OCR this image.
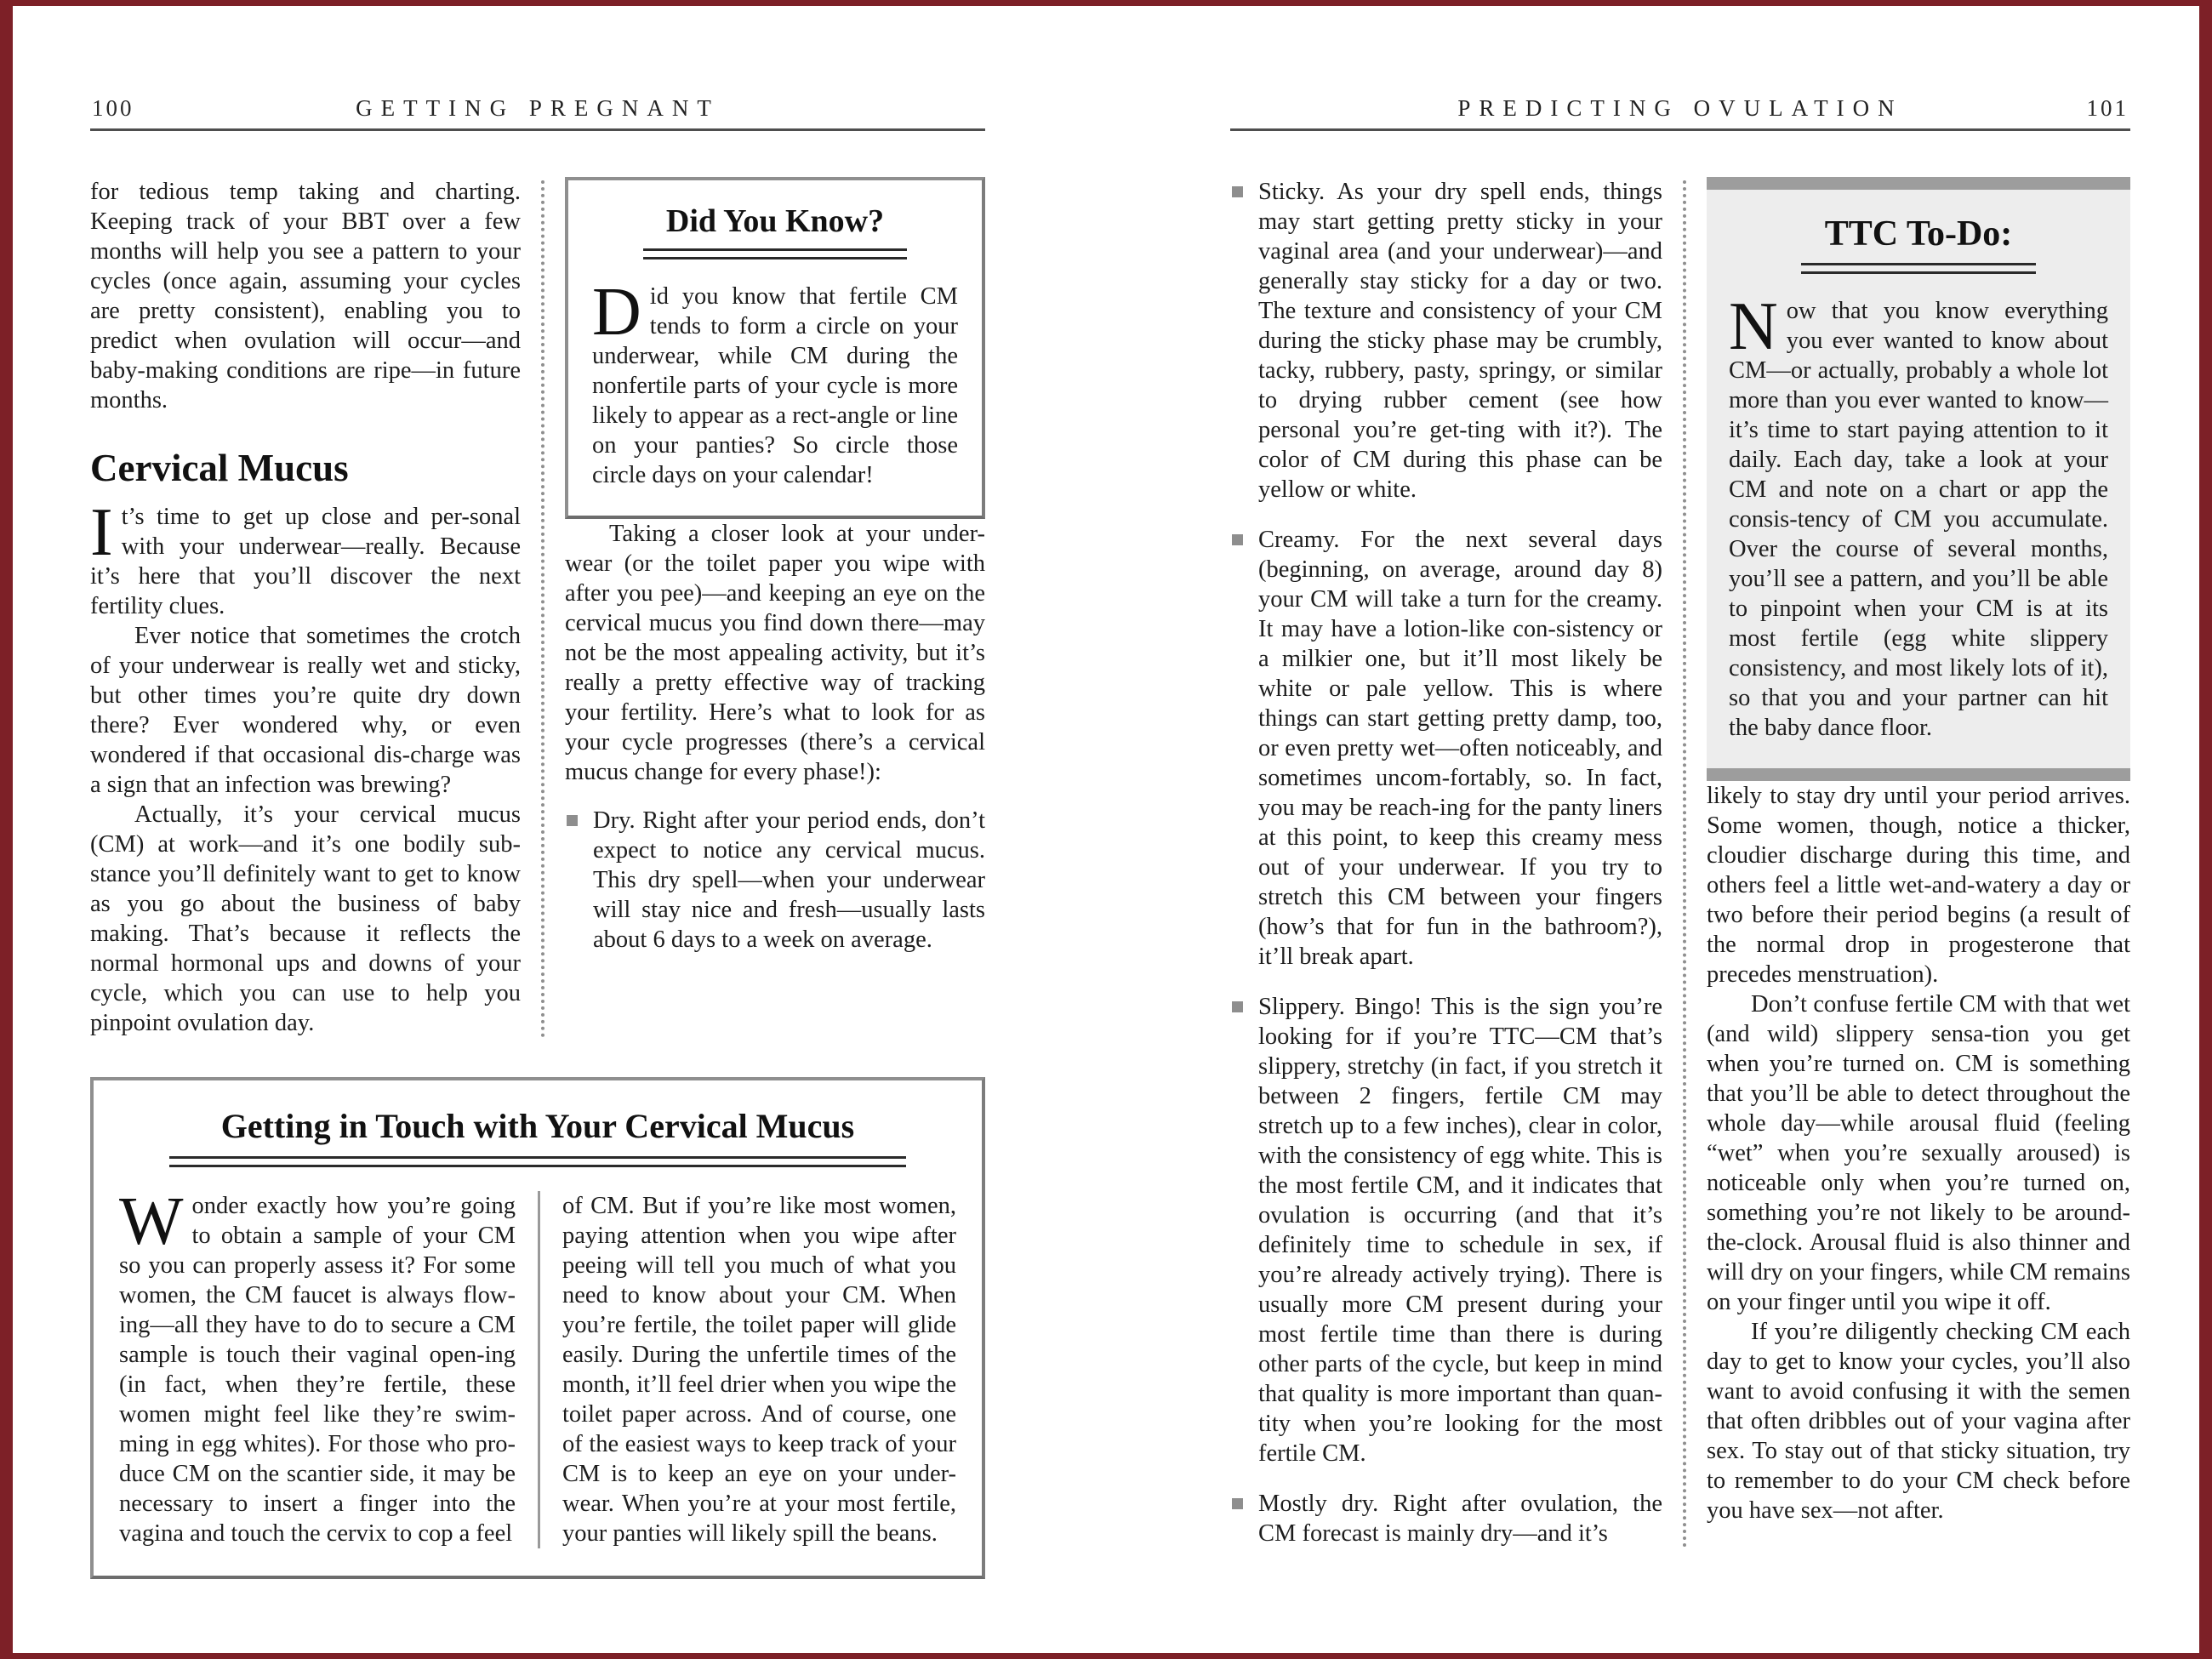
100	GETTING PREGNANT

for tedious temp taking and charting. Keeping track of your BBT over a few months will help you see a pattern to your cycles (once again, assuming your cycles are pretty consistent), enabling you to predict when ovulation will occur—and baby-making conditions are ripe—in future months.

Cervical Mucus

It’s time to get up close and per-sonal with your underwear—really. Because it’s here that you’ll discover the next fertility clues.

Ever notice that sometimes the crotch of your underwear is really wet and sticky, but other times you’re quite dry down there? Ever wondered why, or even wondered if that occasional dis-charge was a sign that an infection was brewing?

Actually, it’s your cervical mucus (CM) at work—and it’s one bodily sub-stance you’ll definitely want to get to know as you go about the business of baby making. That’s because it reflects the normal hormonal ups and downs of your cycle, which you can use to help you pinpoint ovulation day.

Did You Know?

Did you know that fertile CM tends to form a circle on your underwear, while CM during the nonfertile parts of your cycle is more likely to appear as a rect-angle or line on your panties? So circle those circle days on your calendar!

Taking a closer look at your under-wear (or the toilet paper you wipe with after you pee)—and keeping an eye on the cervical mucus you find down there—may not be the most appealing activity, but it’s really a pretty effective way of tracking your fertility. Here’s what to look for as your cycle progresses (there’s a cervical mucus change for every phase!):

Dry. Right after your period ends, don’t expect to notice any cervical mucus. This dry spell—when your underwear will stay nice and fresh—usually lasts about 6 days to a week on average.

Getting in Touch with Your Cervical Mucus

Wonder exactly how you’re going to obtain a sample of your CM so you can properly assess it? For some women, the CM faucet is always flow-ing—all they have to do to secure a CM sample is touch their vaginal open-ing (in fact, when they’re fertile, these women might feel like they’re swim-ming in egg whites). For those who pro-duce CM on the scantier side, it may be necessary to insert a finger into the vagina and touch the cervix to cop a feel

of CM. But if you’re like most women, paying attention when you wipe after peeing will tell you much of what you need to know about your CM. When you’re fertile, the toilet paper will glide easily. During the unfertile times of the month, it’ll feel drier when you wipe the toilet paper across. And of course, one of the easiest ways to keep track of your CM is to keep an eye on your under-wear. When you’re at your most fertile, your panties will likely spill the beans.

PREDICTING OVULATION	101

Sticky. As your dry spell ends, things may start getting pretty sticky in your vaginal area (and your underwear)—and generally stay sticky for a day or two. The texture and consistency of your CM during the sticky phase may be crumbly, tacky, rubbery, pasty, springy, or similar to drying rubber cement (see how personal you’re get-ting with it?). The color of CM during this phase can be yellow or white.

Creamy. For the next several days (beginning, on average, around day 8) your CM will take a turn for the creamy. It may have a lotion-like con-sistency or a milkier one, but it’ll most likely be white or pale yellow. This is where things can start getting pretty damp, too, or even pretty wet—often noticeably, and sometimes uncom-fortably, so. In fact, you may be reach-ing for the panty liners at this point, to keep this creamy mess out of your underwear. If you try to stretch this CM between your fingers (how’s that for fun in the bathroom?), it’ll break apart.

Slippery. Bingo! This is the sign you’re looking for if you’re TTC—CM that’s slippery, stretchy (in fact, if you stretch it between 2 fingers, fertile CM may stretch up to a few inches), clear in color, with the consistency of egg white. This is the most fertile CM, and it indicates that ovulation is occurring (and that it’s definitely time to schedule in sex, if you’re already actively trying). There is usually more CM present during your most fertile time than there is during other parts of the cycle, but keep in mind that quality is more important than quan-tity when you’re looking for the most fertile CM.

Mostly dry. Right after ovulation, the CM forecast is mainly dry—and it’s

TTC To-Do:

Now that you know everything you ever wanted to know about CM—or actually, probably a whole lot more than you ever wanted to know—it’s time to start paying attention to it daily. Each day, take a look at your CM and note on a chart or app the consis-tency of CM you accumulate. Over the course of several months, you’ll see a pattern, and you’ll be able to pinpoint when your CM is at its most fertile (egg white slippery consistency, and most likely lots of it), so that you and your partner can hit the baby dance floor.

likely to stay dry until your period arrives. Some women, though, notice a thicker, cloudier discharge during this time, and others feel a little wet-and-watery a day or two before their period begins (a result of the normal drop in progesterone that precedes menstruation).

Don’t confuse fertile CM with that wet (and wild) slippery sensa-tion you get when you’re turned on. CM is something that you’ll be able to detect throughout the whole day—while arousal fluid (feeling “wet” when you’re sexually aroused) is noticeable only when you’re turned on, something you’re not likely to be around-the-clock. Arousal fluid is also thinner and will dry on your fingers, while CM remains on your finger until you wipe it off.

If you’re diligently checking CM each day to get to know your cycles, you’ll also want to avoid confusing it with the semen that often dribbles out of your vagina after sex. To stay out of that sticky situation, try to remember to do your CM check before you have sex—not after.
